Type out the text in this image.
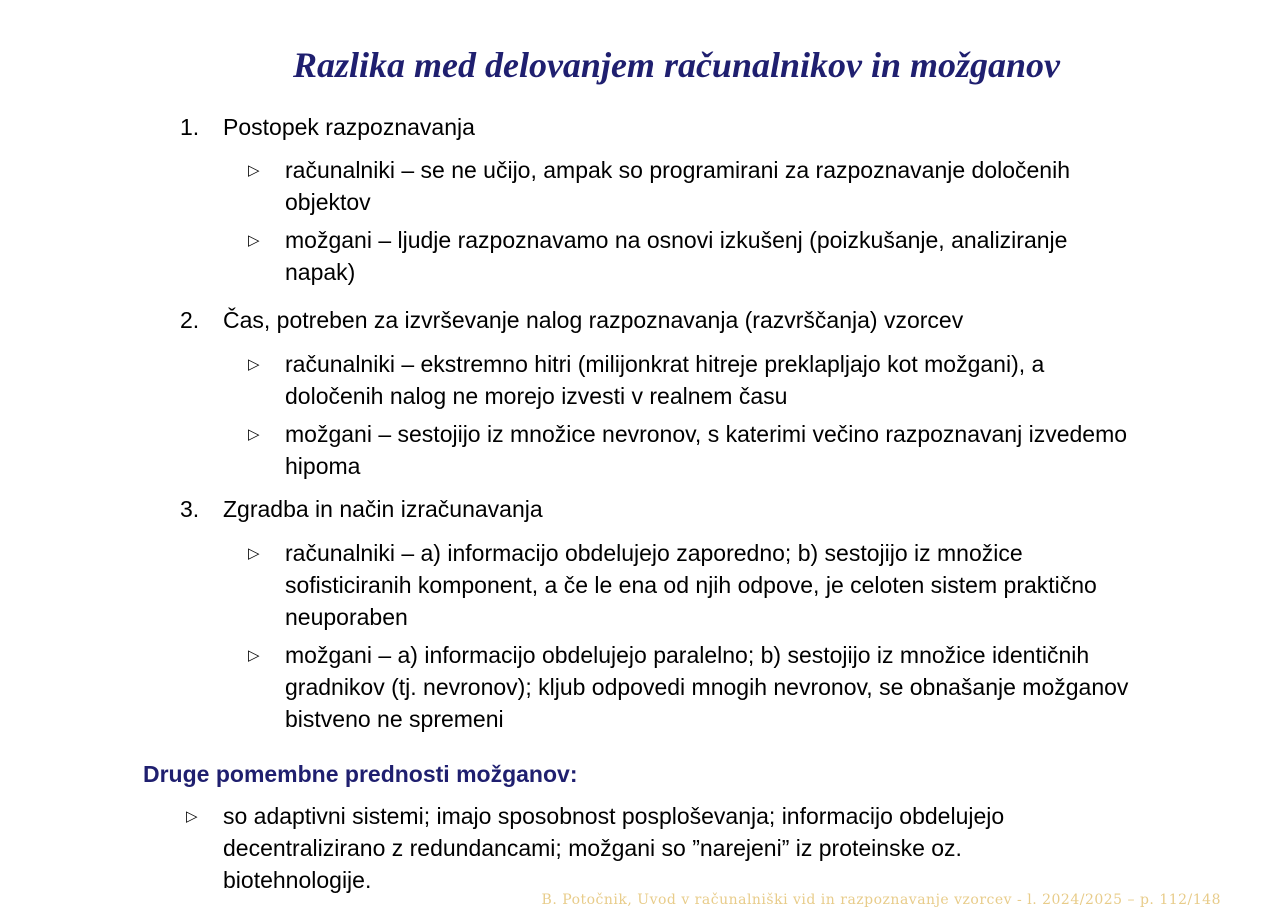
Razlika med delovanjem računalnikov in možganov
1.	Postopek razpoznavanja
▷ računalniki – se ne učijo, ampak so programirani za razpoznavanje določenih objektov
▷ možgani – ljudje razpoznavamo na osnovi izkušenj (poizkušanje, analiziranje napak)
2.	Čas, potreben za izvrševanje nalog razpoznavanja (razvrščanja) vzorcev
▷ računalniki – ekstremno hitri (milijonkrat hitreje preklapljajo kot možgani), a določenih nalog ne morejo izvesti v realnem času
▷ možgani – sestojijo iz množice nevronov, s katerimi večino razpoznavanj izvedemo hipoma
3.	Zgradba in način izračunavanja
▷ računalniki – a) informacijo obdelujejo zaporedno; b) sestojijo iz množice sofisticiranih komponent, a če le ena od njih odpove, je celoten sistem praktično neuporaben
▷ možgani – a) informacijo obdelujejo paralelno; b) sestojijo iz množice identičnih gradnikov (tj. nevronov); kljub odpovedi mnogih nevronov, se obnašanje možganov bistveno ne spremeni
Druge pomembne prednosti možganov:
▷ so adaptivni sistemi; imajo sposobnost posploševanja; informacijo obdelujejo decentralizirano z redundancami; možgani so ”narejeni” iz proteinske oz. biotehnologije.
B. Potočnik, Uvod v računalniški vid in razpoznavanje vzorcev - l. 2024/2025 – p. 112/148
